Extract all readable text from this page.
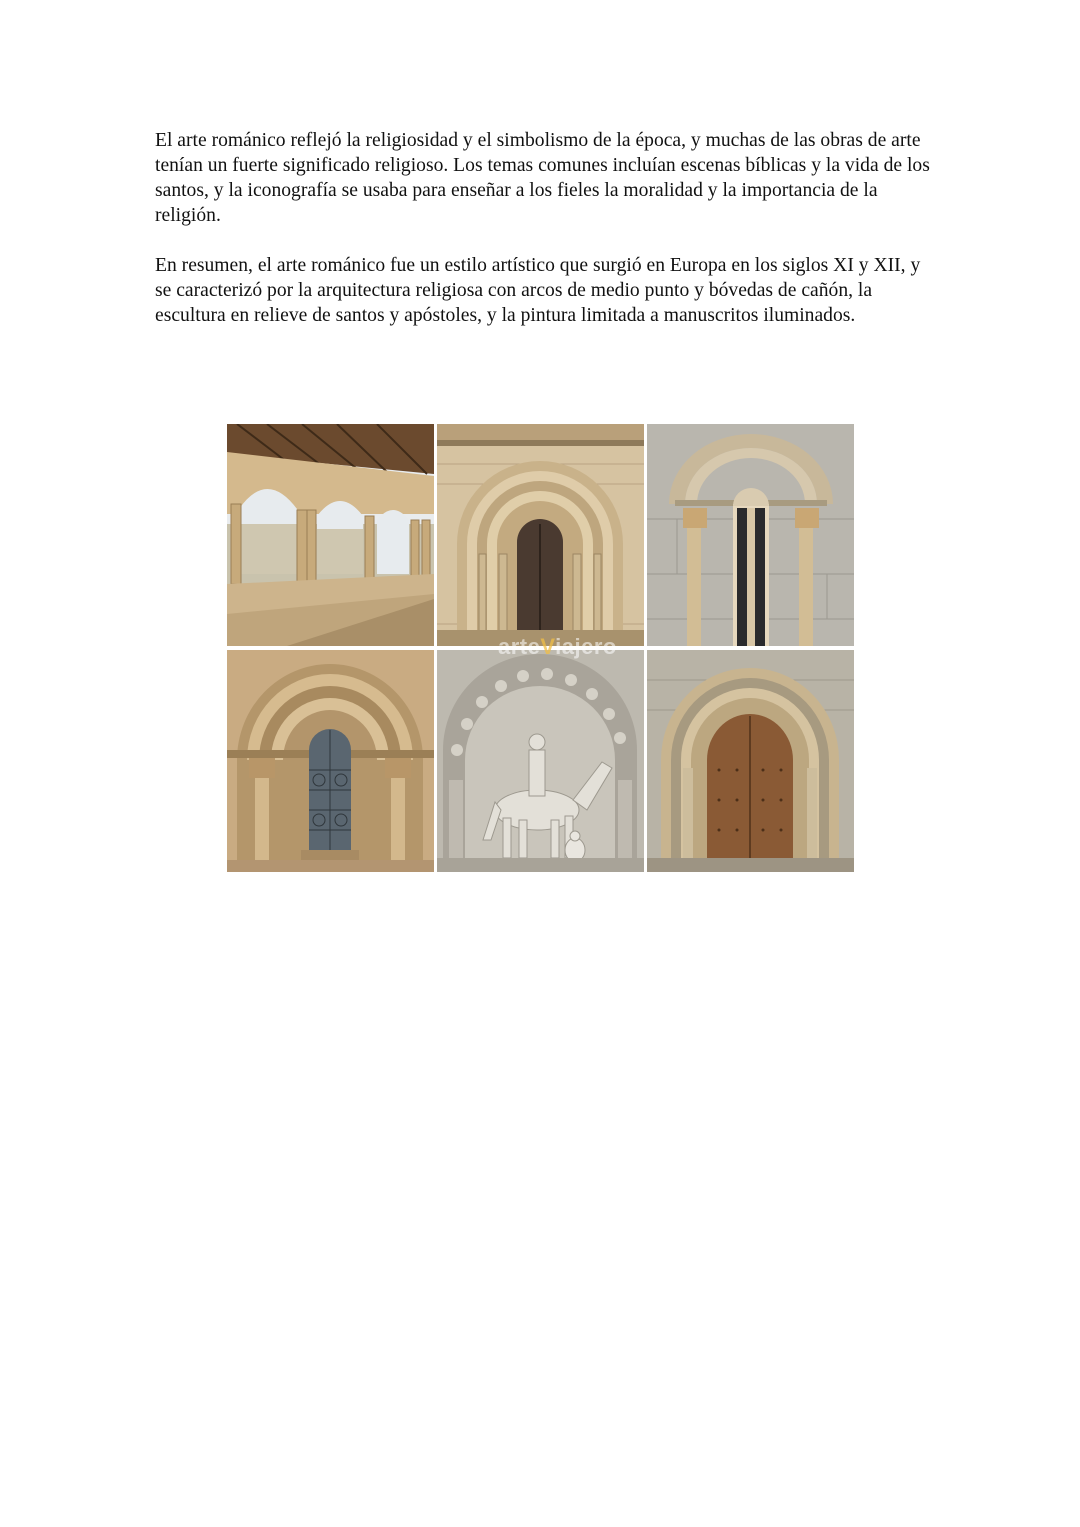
El arte románico reflejó la religiosidad y el simbolismo de la época, y muchas de las obras de arte tenían un fuerte significado religioso. Los temas comunes incluían escenas bíblicas y la vida de los santos, y la iconografía se usaba para enseñar a los fieles la moralidad y la importancia de la religión.

En resumen, el arte románico fue un estilo artístico que surgió en Europa en los siglos XI y XII, y se caracterizó por la arquitectura religiosa con arcos de medio punto y bóvedas de cañón, la escultura en relieve de santos y apóstoles, y la pintura limitada a manuscritos iluminados.

arteViajero
